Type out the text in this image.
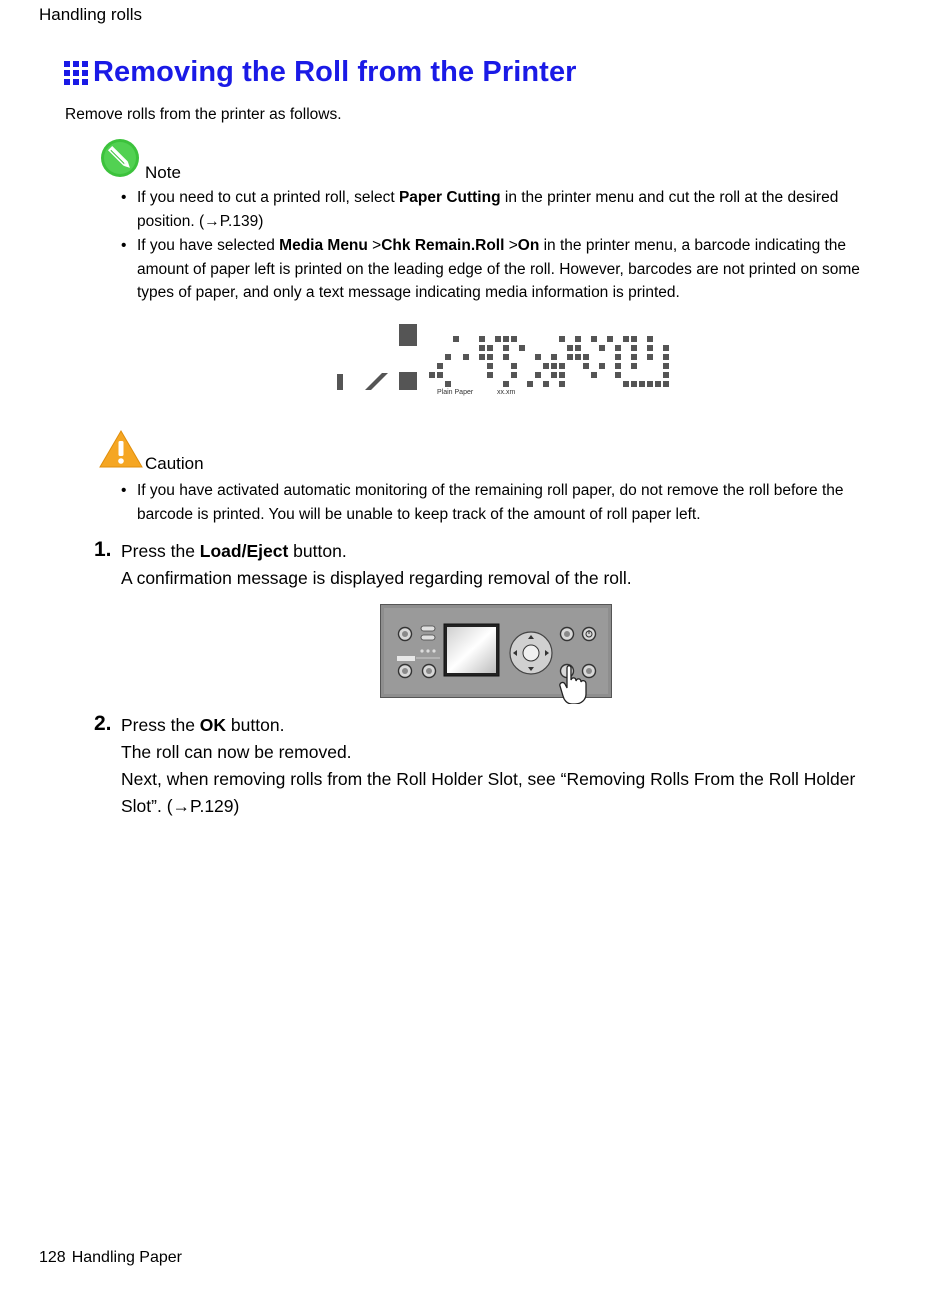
Handling rolls
Removing the Roll from the Printer
Remove rolls from the printer as follows.
Note
• If you need to cut a printed roll, select Paper Cutting in the printer menu and cut the roll at the desired position. (→P.139)
• If you have selected Media Menu >Chk Remain.Roll >On in the printer menu, a barcode indicating the amount of paper left is printed on the leading edge of the roll. However, barcodes are not printed on some types of paper, and only a text message indicating media information is printed.
Plain Paper	xx.xm
Caution
• If you have activated automatic monitoring of the remaining roll paper, do not remove the roll before the barcode is printed. You will be unable to keep track of the amount of roll paper left.
1. Press the Load/Eject button.
A confirmation message is displayed regarding removal of the roll.
2. Press the OK button.
The roll can now be removed.
Next, when removing rolls from the Roll Holder Slot, see “Removing Rolls From the Roll Holder Slot”. (→P.129)
128 Handling Paper
